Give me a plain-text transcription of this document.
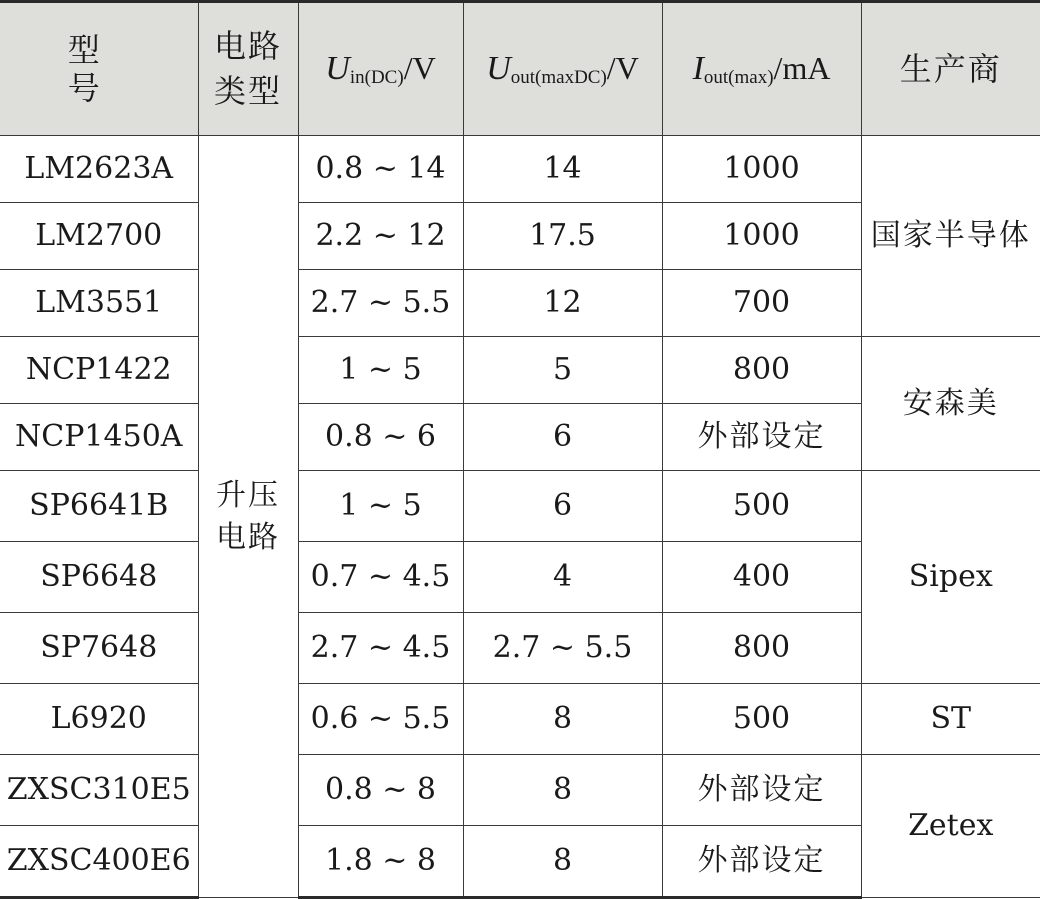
型号	电路类型	$U_{in(DC)}/V$	$U_{out(maxDC)}/V$	$I_{out(max)}/mA$	生产商
LM2623A	升压电路	0.8 ~ 14	14	1000	国家半导体
LM2700		2.2 ~ 12	17.5	1000	
LM3551		2.7 ~ 5.5	12	700	
NCP1422		1 ~ 5	5	800	安森美
NCP1450A		0.8 ~ 6	6	外部设定	
SP6641B		1 ~ 5	6	500	Sipex
SP6648		0.7 ~ 4.5	4	400	
SP7648		2.7 ~ 4.5	2.7 ~ 5.5	800	
L6920		0.6 ~ 5.5	8	500	ST
ZXSC310E5		0.8 ~ 8	8	外部设定	Zetex
ZXSC400E6		1.8 ~ 8	8	外部设定	
